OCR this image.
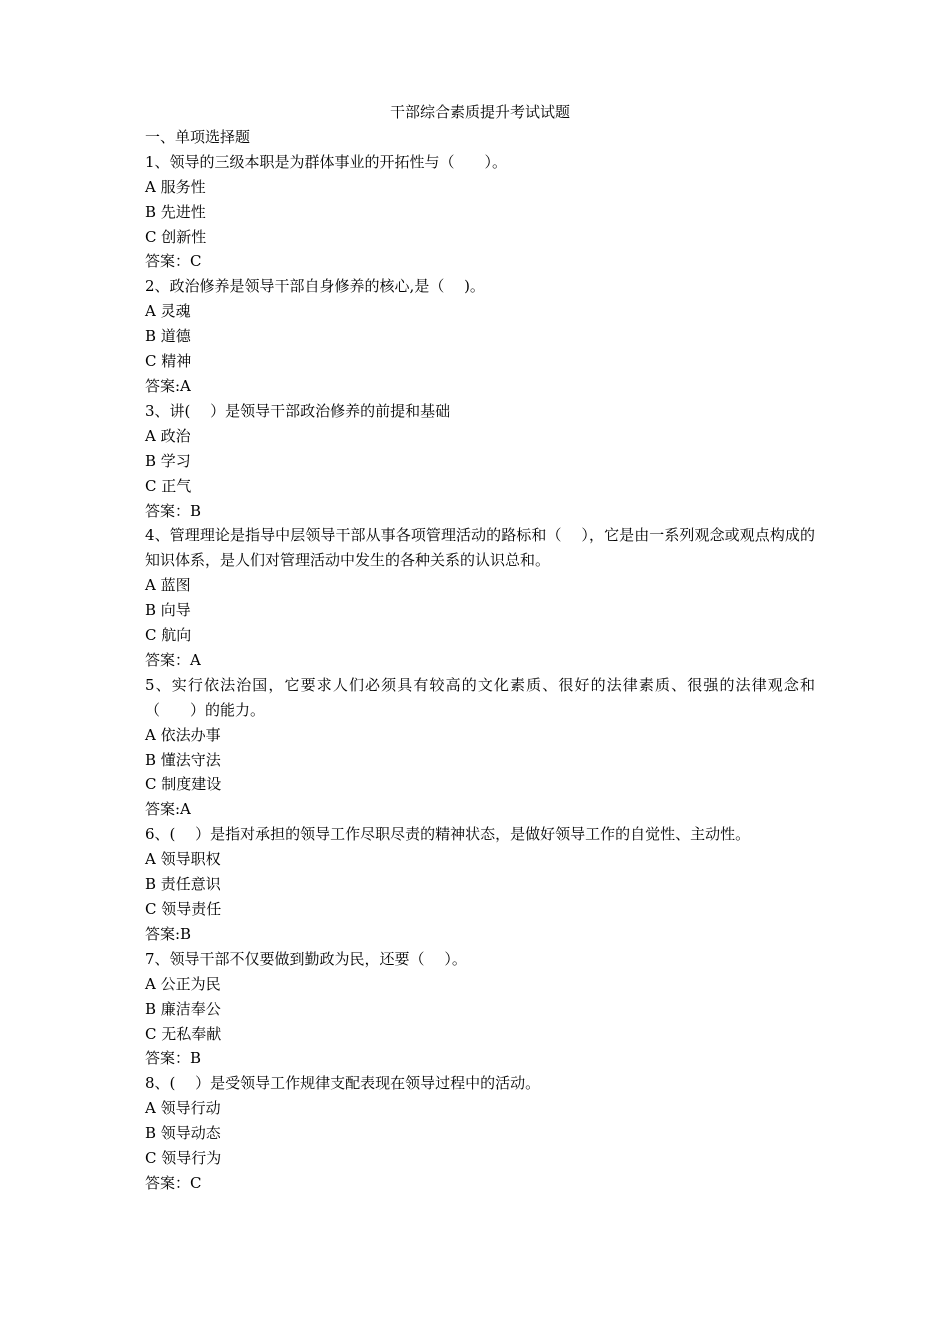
干部综合素质提升考试试题

一、单项选择题

1、领导的三级本职是为群体事业的开拓性与（　　）。

A 服务性

B 先进性

C 创新性

答案：C

2、政治修养是领导干部自身修养的核心,是（　 )。

A 灵魂

B 道德

C 精神

答案:A

3、讲(　 ）是领导干部政治修养的前提和基础

A 政治

B 学习

C 正气

答案：B

4、管理理论是指导中层领导干部从事各项管理活动的路标和（　 ），它是由一系列观念或观点构成的知识体系，是人们对管理活动中发生的各种关系的认识总和。

A 蓝图

B 向导

C 航向

答案：A

5、实行依法治国，它要求人们必须具有较高的文化素质、很好的法律素质、很强的法律观念和（　　）的能力。

A 依法办事

B 懂法守法

C 制度建设

答案:A

6、(　 ）是指对承担的领导工作尽职尽责的精神状态，是做好领导工作的自觉性、主动性。

A 领导职权

B 责任意识

C 领导责任

答案:B

7、领导干部不仅要做到勤政为民，还要（　 ）。

A 公正为民

B 廉洁奉公

C 无私奉献

答案：B

8、(　 ）是受领导工作规律支配表现在领导过程中的活动。

A 领导行动

B 领导动态

C 领导行为

答案：C
